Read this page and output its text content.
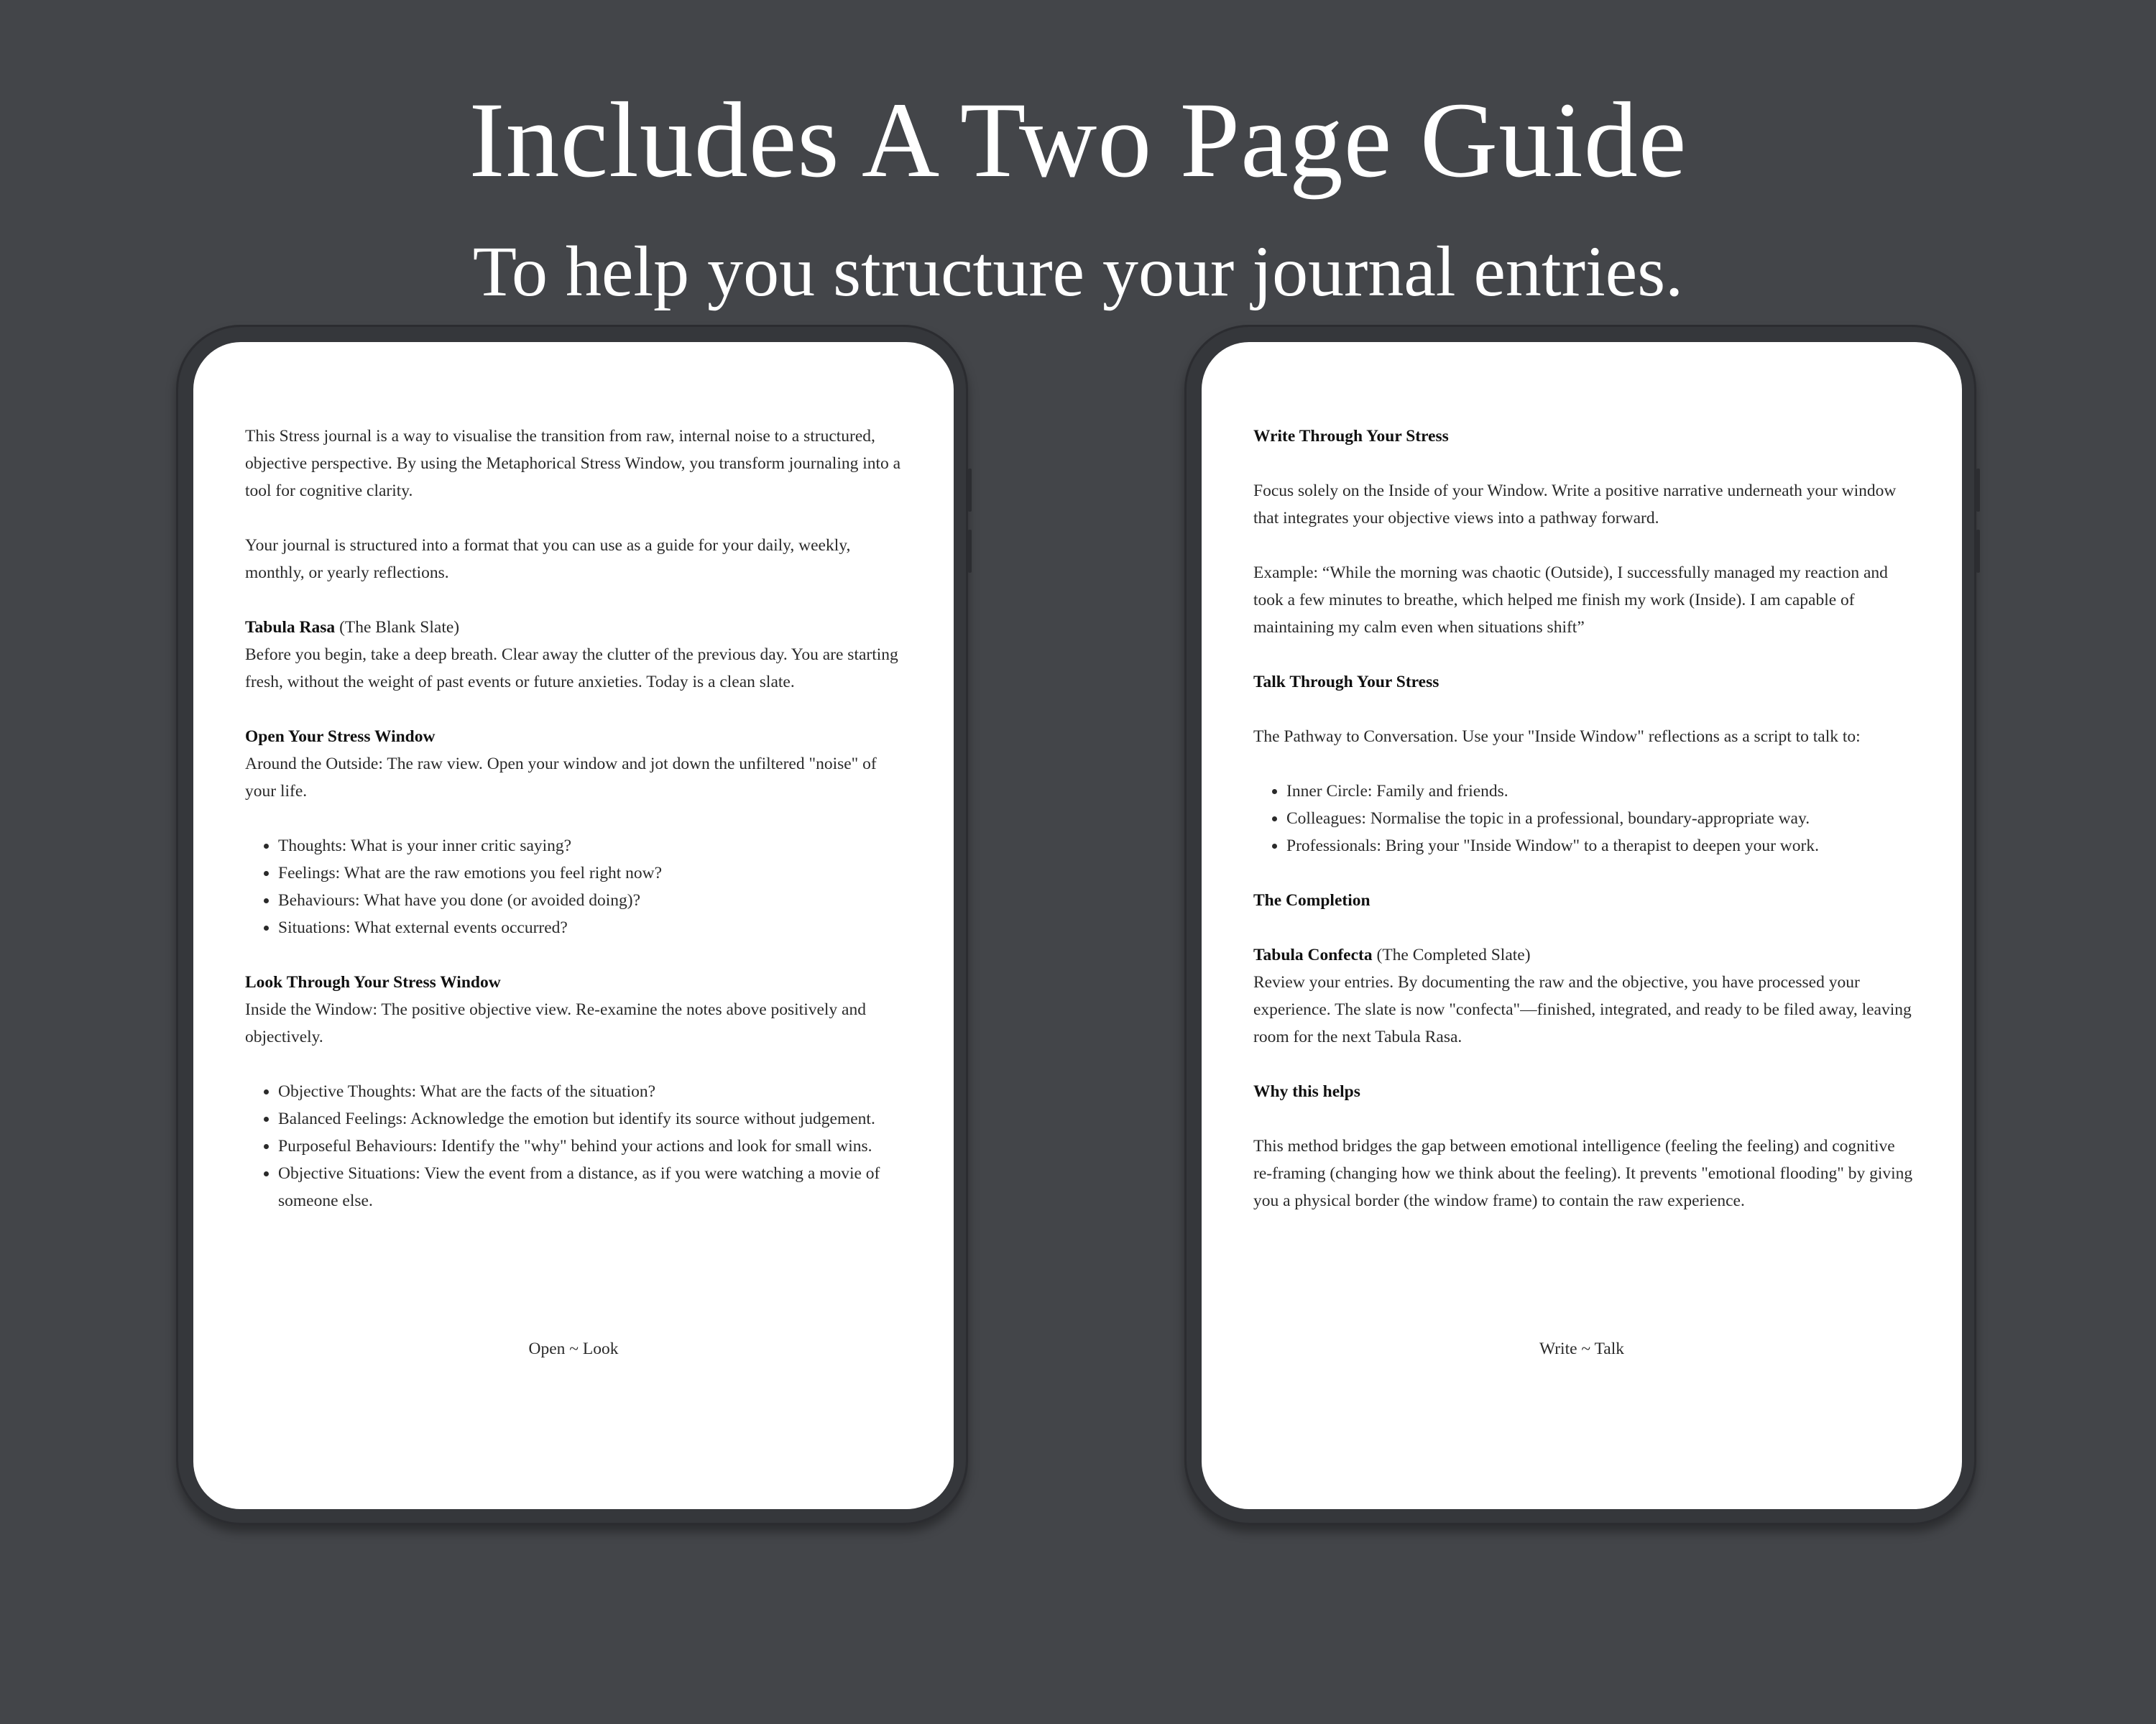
Includes A Two Page Guide
To help you structure your journal entries.

This Stress journal is a way to visualise the transition from raw, internal noise to a structured, objective perspective. By using the Metaphorical Stress Window, you transform journaling into a tool for cognitive clarity.

Your journal is structured into a format that you can use as a guide for your daily, weekly, monthly, or yearly reflections.

Tabula Rasa (The Blank Slate)
Before you begin, take a deep breath. Clear away the clutter of the previous day. You are starting fresh, without the weight of past events or future anxieties. Today is a clean slate.

Open Your Stress Window
Around the Outside: The raw view. Open your window and jot down the unfiltered "noise" of your life.

• Thoughts: What is your inner critic saying?
• Feelings: What are the raw emotions you feel right now?
• Behaviours: What have you done (or avoided doing)?
• Situations: What external events occurred?

Look Through Your Stress Window
Inside the Window: The positive objective view. Re-examine the notes above positively and objectively.

• Objective Thoughts: What are the facts of the situation?
• Balanced Feelings: Acknowledge the emotion but identify its source without judgement.
• Purposeful Behaviours: Identify the "why" behind your actions and look for small wins.
• Objective Situations: View the event from a distance, as if you were watching a movie of someone else.
Open ~ Look

Write Through Your Stress

Focus solely on the Inside of your Window. Write a positive narrative underneath your window that integrates your objective views into a pathway forward.

Example: “While the morning was chaotic (Outside), I successfully managed my reaction and took a few minutes to breathe, which helped me finish my work (Inside). I am capable of maintaining my calm even when situations shift”

Talk Through Your Stress

The Pathway to Conversation. Use your "Inside Window" reflections as a script to talk to:

• Inner Circle: Family and friends.
• Colleagues: Normalise the topic in a professional, boundary-appropriate way.
• Professionals: Bring your "Inside Window" to a therapist to deepen your work.

The Completion

Tabula Confecta (The Completed Slate)
Review your entries. By documenting the raw and the objective, you have processed your experience. The slate is now "confecta"—finished, integrated, and ready to be filed away, leaving room for the next Tabula Rasa.

Why this helps

This method bridges the gap between emotional intelligence (feeling the feeling) and cognitive re-framing (changing how we think about the feeling). It prevents "emotional flooding" by giving you a physical border (the window frame) to contain the raw experience.

Write ~ Talk
